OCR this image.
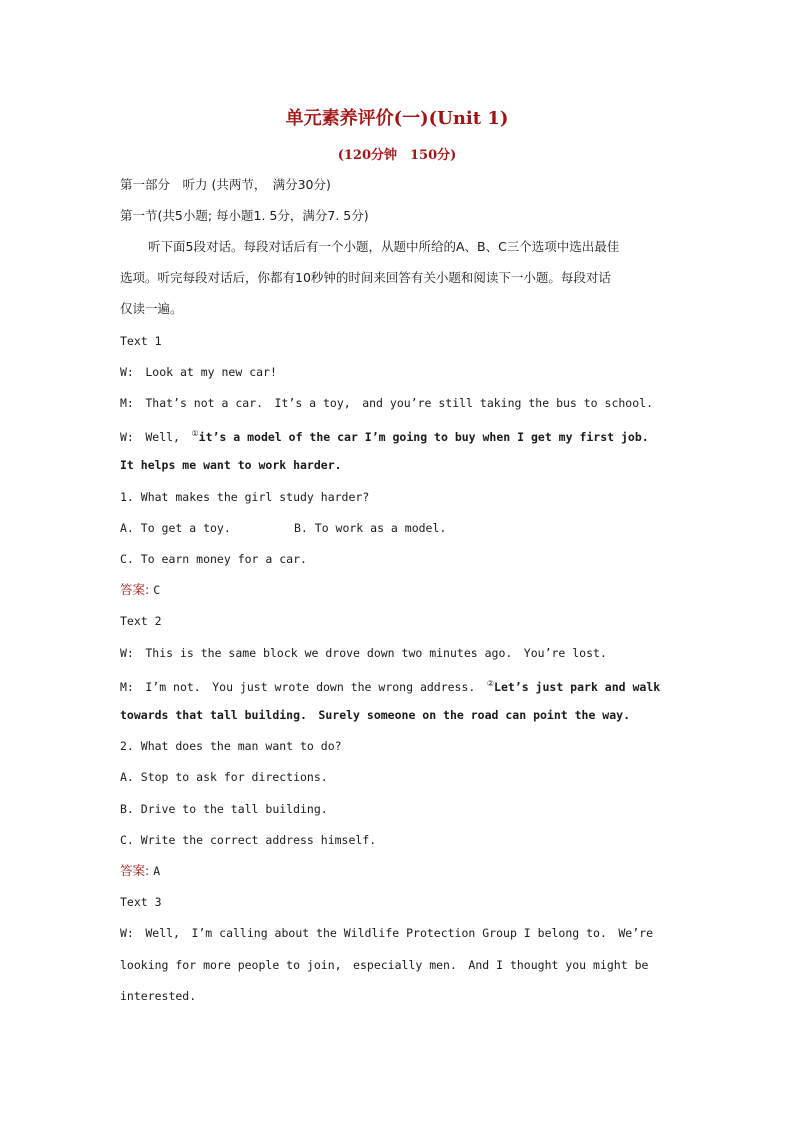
单元素养评价(一)(Unit 1)
(120分钟　150分)
第一部分　听力 (共两节，　满分30分)
第一节(共5小题; 每小题1. 5分，满分7. 5分)
听下面5段对话。每段对话后有一个小题，从题中所给的A、B、C三个选项中选出最佳
选项。听完每段对话后，你都有10秒钟的时间来回答有关小题和阅读下一小题。每段对话
仅读一遍。
Text 1
W:　Look at my new car!
M:　That’s not a car.　It’s a toy,　and you’re still taking the bus to school.
W:　Well,　①it’s a model of the car I’m going to buy when I get my first job.
It helps me want to work harder.
1. What makes the girl study harder?
A. To get a toy.	B. To work as a model.
C. To earn money for a car.
答案: C
Text 2
W:　This is the same block we drove down two minutes ago.　You’re lost.
M:　I’m not.　You just wrote down the wrong address.　②Let’s just park and walk
towards that tall building.　Surely someone on the road can point the way.
2. What does the man want to do?
A. Stop to ask for directions.
B. Drive to the tall building.
C. Write the correct address himself.
答案: A
Text 3
W:　Well,　I’m calling about the Wildlife Protection Group I belong to.　We’re
looking for more people to join,　especially men.　And I thought you might be
interested.
